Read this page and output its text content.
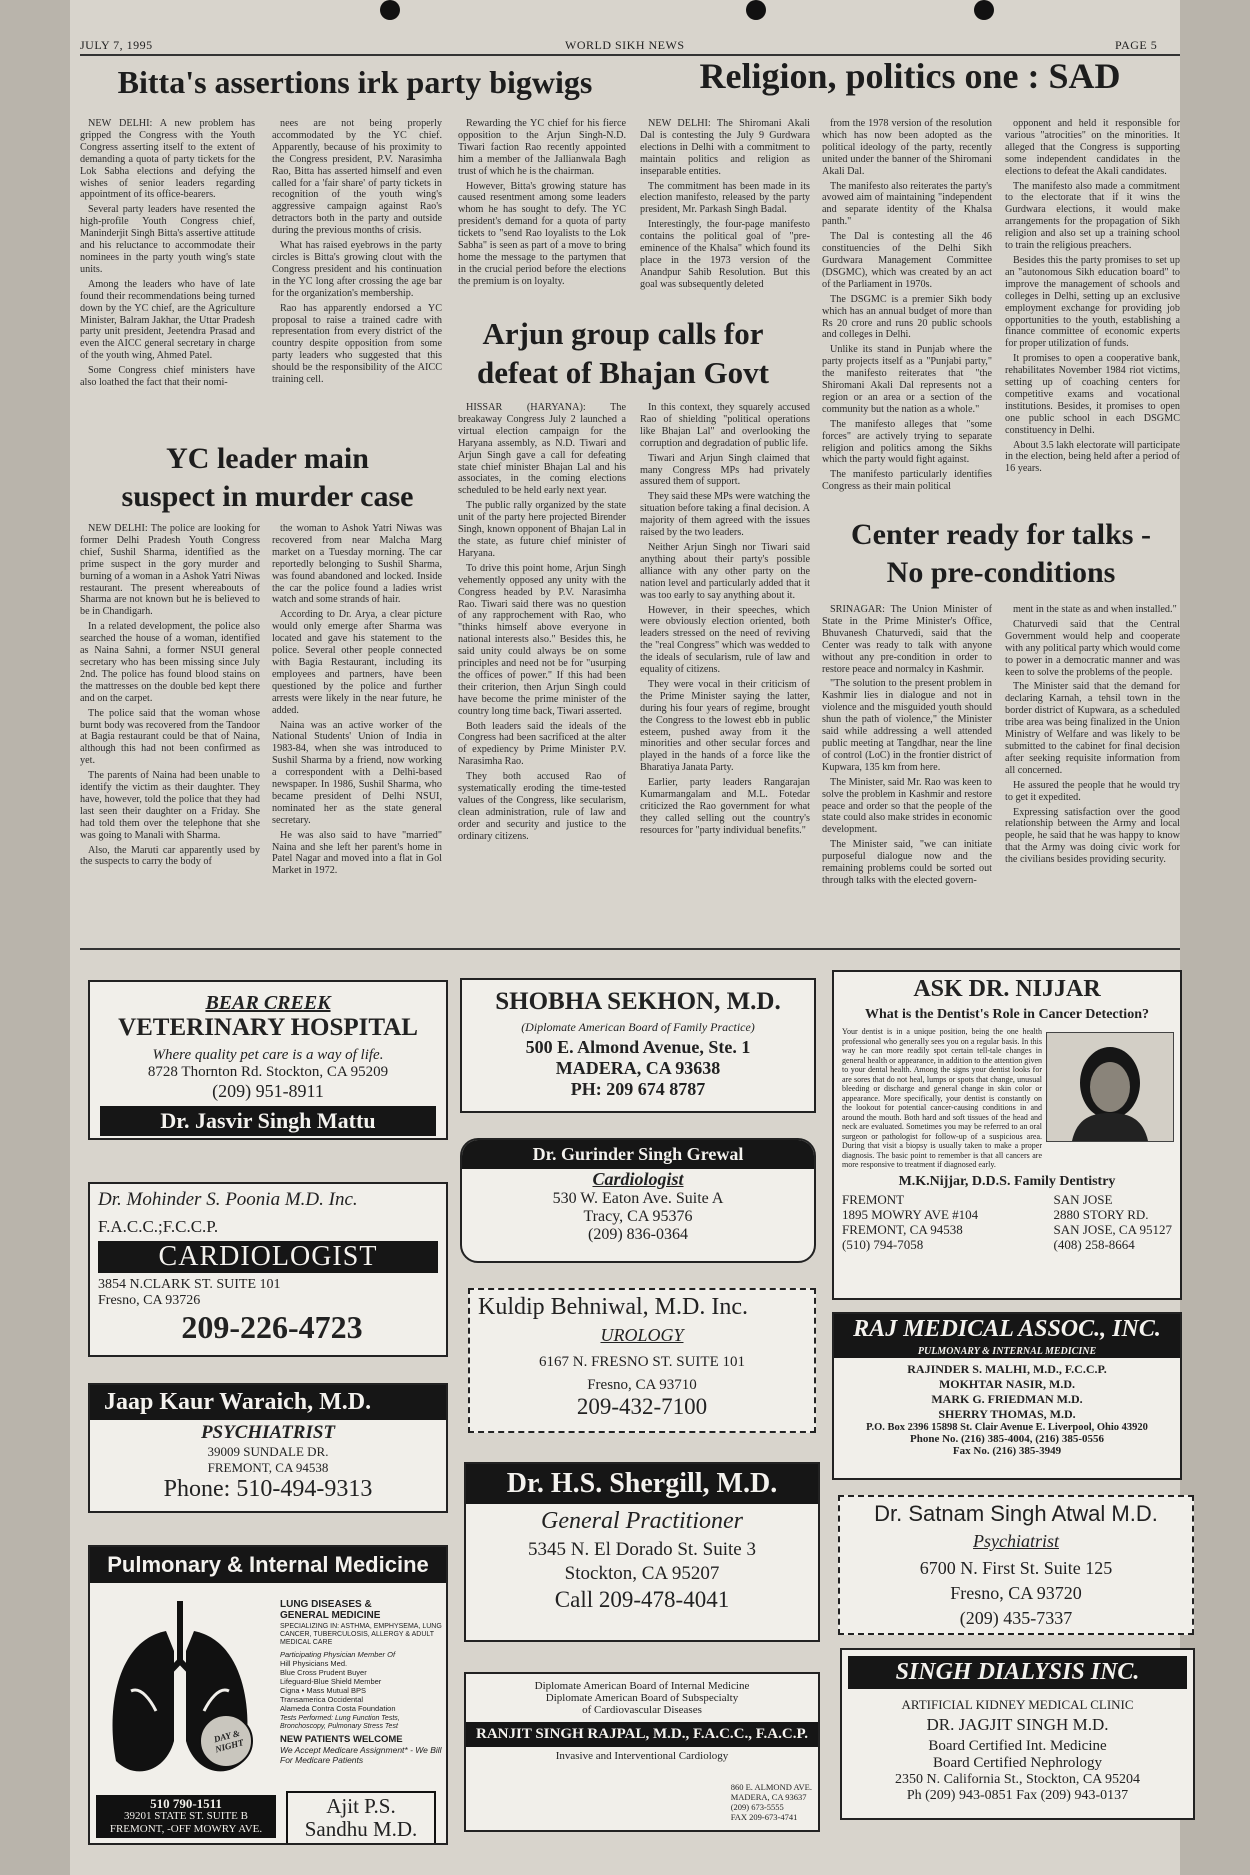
JULY 7, 1995	WORLD SIKH NEWS	PAGE 5
Bitta's assertions irk party bigwigs

NEW DELHI: A new problem has gripped the Congress with the Youth Congress asserting itself to the extent of demanding a quota of party tickets for the Lok Sabha elections and defying the wishes of senior leaders regarding appointment of its office-bearers.

Several party leaders have resented the high-profile Youth Congress chief, Maninderjit Singh Bitta's assertive attitude and his reluctance to accommodate their nominees in the party youth wing's state units.

Among the leaders who have of late found their recommendations being turned down by the YC chief, are the Agriculture Minister, Balram Jakhar, the Uttar Pradesh party unit president, Jeetendra Prasad and even the AICC general secretary in charge of the youth wing, Ahmed Patel.

Some Congress chief ministers have also loathed the fact that their nomi-

nees are not being properly accommodated by the YC chief. Apparently, because of his proximity to the Congress president, P.V. Narasimha Rao, Bitta has asserted himself and even called for a 'fair share' of party tickets in recognition of the youth wing's aggressive campaign against Rao's detractors both in the party and outside during the previous months of crisis.

What has raised eyebrows in the party circles is Bitta's growing clout with the Congress president and his continuation in the YC long after crossing the age bar for the organization's membership.

Rao has apparently endorsed a YC proposal to raise a trained cadre with representation from every district of the country despite opposition from some party leaders who suggested that this should be the responsibility of the AICC training cell.

Rewarding the YC chief for his fierce opposition to the Arjun Singh-N.D. Tiwari faction Rao recently appointed him a member of the Jallianwala Bagh trust of which he is the chairman.

However, Bitta's growing stature has caused resentment among some leaders whom he has sought to defy. The YC president's demand for a quota of party tickets to "send Rao loyalists to the Lok Sabha" is seen as part of a move to bring home the message to the partymen that in the crucial period before the elections the premium is on loyalty.

YC leader main
suspect in murder case

NEW DELHI: The police are looking for former Delhi Pradesh Youth Congress chief, Sushil Sharma, identified as the prime suspect in the gory murder and burning of a woman in a Ashok Yatri Niwas restaurant. The present whereabouts of Sharma are not known but he is believed to be in Chandigarh.

In a related development, the police also searched the house of a woman, identified as Naina Sahni, a former NSUI general secretary who has been missing since July 2nd. The police has found blood stains on the mattresses on the double bed kept there and on the carpet.

The police said that the woman whose burnt body was recovered from the Tandoor at Bagia restaurant could be that of Naina, although this had not been confirmed as yet.

The parents of Naina had been unable to identify the victim as their daughter. They have, however, told the police that they had last seen their daughter on a Friday. She had told them over the telephone that she was going to Manali with Sharma.

Also, the Maruti car apparently used by the suspects to carry the body of

the woman to Ashok Yatri Niwas was recovered from near Malcha Marg market on a Tuesday morning. The car reportedly belonging to Sushil Sharma, was found abandoned and locked. Inside the car the police found a ladies wrist watch and some strands of hair.

According to Dr. Arya, a clear picture would only emerge after Sharma was located and gave his statement to the police. Several other people connected with Bagia Restaurant, including its employees and partners, have been questioned by the police and further arrests were likely in the near future, he added.

Naina was an active worker of the National Students' Union of India in 1983-84, when she was introduced to Sushil Sharma by a friend, now working a correspondent with a Delhi-based newspaper. In 1986, Sushil Sharma, who became president of Delhi NSUI, nominated her as the state general secretary.

He was also said to have "married" Naina and she left her parent's home in Patel Nagar and moved into a flat in Gol Market in 1972.

Arjun group calls for
defeat of Bhajan Govt

HISSAR (HARYANA): The breakaway Congress July 2 launched a virtual election campaign for the Haryana assembly, as N.D. Tiwari and Arjun Singh gave a call for defeating state chief minister Bhajan Lal and his associates, in the coming elections scheduled to be held early next year.

The public rally organized by the state unit of the party here projected Birender Singh, known opponent of Bhajan Lal in the state, as future chief minister of Haryana.

To drive this point home, Arjun Singh vehemently opposed any unity with the Congress headed by P.V. Narasimha Rao. Tiwari said there was no question of any rapprochement with Rao, who "thinks himself above everyone in national interests also." Besides this, he said unity could always be on some principles and need not be for "usurping the offices of power." If this had been their criterion, then Arjun Singh could have become the prime minister of the country long time back, Tiwari asserted.

Both leaders said the ideals of the Congress had been sacrificed at the alter of expediency by Prime Minister P.V. Narasimha Rao.

They both accused Rao of systematically eroding the time-tested values of the Congress, like secularism, clean administration, rule of law and order and security and justice to the ordinary citizens.

In this context, they squarely accused Rao of shielding "political operations like Bhajan Lal" and overlooking the corruption and degradation of public life.

Tiwari and Arjun Singh claimed that many Congress MPs had privately assured them of support.

They said these MPs were watching the situation before taking a final decision. A majority of them agreed with the issues raised by the two leaders.

Neither Arjun Singh nor Tiwari said anything about their party's possible alliance with any other party on the nation level and particularly added that it was too early to say anything about it.

However, in their speeches, which were obviously election oriented, both leaders stressed on the need of reviving the "real Congress" which was wedded to the ideals of secularism, rule of law and equality of citizens.

They were vocal in their criticism of the Prime Minister saying the latter, during his four years of regime, brought the Congress to the lowest ebb in public esteem, pushed away from it the minorities and other secular forces and played in the hands of a force like the Bharatiya Janata Party.

Earlier, party leaders Rangarajan Kumarmangalam and M.L. Fotedar criticized the Rao government for what they called selling out the country's resources for "party individual benefits."

Religion, politics one : SAD

NEW DELHI: The Shiromani Akali Dal is contesting the July 9 Gurdwara elections in Delhi with a commitment to maintain politics and religion as inseparable entities.

The commitment has been made in its election manifesto, released by the party president, Mr. Parkash Singh Badal.

Interestingly, the four-page manifesto contains the political goal of "pre-eminence of the Khalsa" which found its place in the 1973 version of the Anandpur Sahib Resolution. But this goal was subsequently deleted

from the 1978 version of the resolution which has now been adopted as the political ideology of the party, recently united under the banner of the Shiromani Akali Dal.

The manifesto also reiterates the party's avowed aim of maintaining "independent and separate identity of the Khalsa panth."

The Dal is contesting all the 46 constituencies of the Delhi Sikh Gurdwara Management Committee (DSGMC), which was created by an act of the Parliament in 1970s.

The DSGMC is a premier Sikh body which has an annual budget of more than Rs 20 crore and runs 20 public schools and colleges in Delhi.

Unlike its stand in Punjab where the party projects itself as a "Punjabi party," the manifesto reiterates that "the Shiromani Akali Dal represents not a region or an area or a section of the community but the nation as a whole."

The manifesto alleges that "some forces" are actively trying to separate religion and politics among the Sikhs which the party would fight against.

The manifesto particularly identifies Congress as their main political

opponent and held it responsible for various "atrocities" on the minorities. It alleged that the Congress is supporting some independent candidates in the elections to defeat the Akali candidates.

The manifesto also made a commitment to the electorate that if it wins the Gurdwara elections, it would make arrangements for the propagation of Sikh religion and also set up a training school to train the religious preachers.

Besides this the party promises to set up an "autonomous Sikh education board" to improve the management of schools and colleges in Delhi, setting up an exclusive employment exchange for providing job opportunities to the youth, establishing a finance committee of economic experts for proper utilization of funds.

It promises to open a cooperative bank, rehabilitates November 1984 riot victims, setting up of coaching centers for competitive exams and vocational institutions. Besides, it promises to open one public school in each DSGMC constituency in Delhi.

About 3.5 lakh electorate will participate in the election, being held after a period of 16 years.

Center ready for talks -
No pre-conditions

SRINAGAR: The Union Minister of State in the Prime Minister's Office, Bhuvanesh Chaturvedi, said that the Center was ready to talk with anyone without any pre-condition in order to restore peace and normalcy in Kashmir.

"The solution to the present problem in Kashmir lies in dialogue and not in violence and the misguided youth should shun the path of violence," the Minister said while addressing a well attended public meeting at Tangdhar, near the line of control (LoC) in the frontier district of Kupwara, 135 km from here.

The Minister, said Mr. Rao was keen to solve the problem in Kashmir and restore peace and order so that the people of the state could also make strides in economic development.

The Minister said, "we can initiate purposeful dialogue now and the remaining problems could be sorted out through talks with the elected govern-

ment in the state as and when installed."

Chaturvedi said that the Central Government would help and cooperate with any political party which would come to power in a democratic manner and was keen to solve the problems of the people.

The Minister said that the demand for declaring Karnah, a tehsil town in the border district of Kupwara, as a scheduled tribe area was being finalized in the Union Ministry of Welfare and was likely to be submitted to the cabinet for final decision after seeking requisite information from all concerned.

He assured the people that he would try to get it expedited.

Expressing satisfaction over the good relationship between the Army and local people, he said that he was happy to know that the Army was doing civic work for the civilians besides providing security.

BEAR CREEK
VETERINARY HOSPITAL
Where quality pet care is a way of life.
8728 Thornton Rd. Stockton, CA 95209
(209) 951-8911
Dr. Jasvir Singh Mattu
Dr. Mohinder S. Poonia M.D. Inc.
F.A.C.C.;F.C.C.P.
CARDIOLOGIST
3854 N.CLARK ST. SUITE 101
Fresno, CA 93726
209-226-4723
Jaap Kaur Waraich, M.D.
PSYCHIATRIST
39009 SUNDALE DR.
FREMONT, CA 94538
Phone: 510-494-9313
Pulmonary & Internal Medicine
DAY & NIGHT
LUNG DISEASES &
GENERAL MEDICINE
SPECIALIZING IN: ASTHMA, EMPHYSEMA, LUNG CANCER, TUBERCULOSIS, ALLERGY & ADULT MEDICAL CARE
Participating Physician Member Of
Hill Physicians Med.
Blue Cross Prudent Buyer
Lifeguard-Blue Shield Member
Cigna • Mass Mutual BPS
Transamerica Occidental
Alameda Contra Costa Foundation
Tests Performed: Lung Function Tests, Bronchoscopy, Pulmonary Stress Test
NEW PATIENTS WELCOME
We Accept Medicare Assignment* - We Bill For Medicare Patients
510 790-1511
39201 STATE ST. SUITE B
FREMONT, -OFF MOWRY AVE.
Ajit P.S.
Sandhu M.D.
SHOBHA SEKHON, M.D.
(Diplomate American Board of Family Practice)
500 E. Almond Avenue, Ste. 1
MADERA, CA 93638
PH: 209 674 8787
Dr. Gurinder Singh Grewal
Cardiologist
530 W. Eaton Ave. Suite A
Tracy, CA 95376
(209) 836-0364
Kuldip Behniwal, M.D. Inc.
UROLOGY
6167 N. FRESNO ST. SUITE 101
Fresno, CA 93710
209-432-7100
Dr. H.S. Shergill, M.D.
General Practitioner
5345 N. El Dorado St. Suite 3
Stockton, CA 95207
Call 209-478-4041
Diplomate American Board of Internal Medicine
Diplomate American Board of Subspecialty
of Cardiovascular Diseases
RANJIT SINGH RAJPAL, M.D., F.A.C.C., F.A.C.P.
Invasive and Interventional Cardiology
860 E. ALMOND AVE.
MADERA, CA 93637
(209) 673-5555
FAX 209-673-4741
ASK DR. NIJJAR
What is the Dentist's Role in Cancer Detection?
Your dentist is in a unique position, being the one health professional who generally sees you on a regular basis. In this way he can more readily spot certain tell-tale changes in general health or appearance, in addition to the attention given to your dental health. Among the signs your dentist looks for are sores that do not heal, lumps or spots that change, unusual bleeding or discharge and general change in skin color or appearance. More specifically, your dentist is constantly on the lookout for potential cancer-causing conditions in and around the mouth. Both hard and soft tissues of the head and neck are evaluated. Sometimes you may be referred to an oral surgeon or pathologist for follow-up of a suspicious area. During that visit a biopsy is usually taken to make a proper diagnosis. The basic point to remember is that all cancers are more responsive to treatment if diagnosed early.
M.K.Nijjar, D.D.S. Family Dentistry
FREMONT
1895 MOWRY AVE #104
FREMONT, CA 94538
(510) 794-7058
SAN JOSE
2880 STORY RD.
SAN JOSE, CA 95127
(408) 258-8664
RAJ MEDICAL ASSOC., INC.
PULMONARY & INTERNAL MEDICINE
RAJINDER S. MALHI, M.D., F.C.C.P.
MOKHTAR NASIR, M.D.
MARK G. FRIEDMAN M.D.
SHERRY THOMAS, M.D.
P.O. Box 2396 15898 St. Clair Avenue E. Liverpool, Ohio 43920
Phone No. (216) 385-4004, (216) 385-0556
Fax No. (216) 385-3949
Dr. Satnam Singh Atwal M.D.
Psychiatrist
6700 N. First St. Suite 125
Fresno, CA 93720
(209) 435-7337
SINGH DIALYSIS INC.
ARTIFICIAL KIDNEY MEDICAL CLINIC
DR. JAGJIT SINGH M.D.
Board Certified Int. Medicine
Board Certified Nephrology
2350 N. California St., Stockton, CA 95204
Ph (209) 943-0851 Fax (209) 943-0137
